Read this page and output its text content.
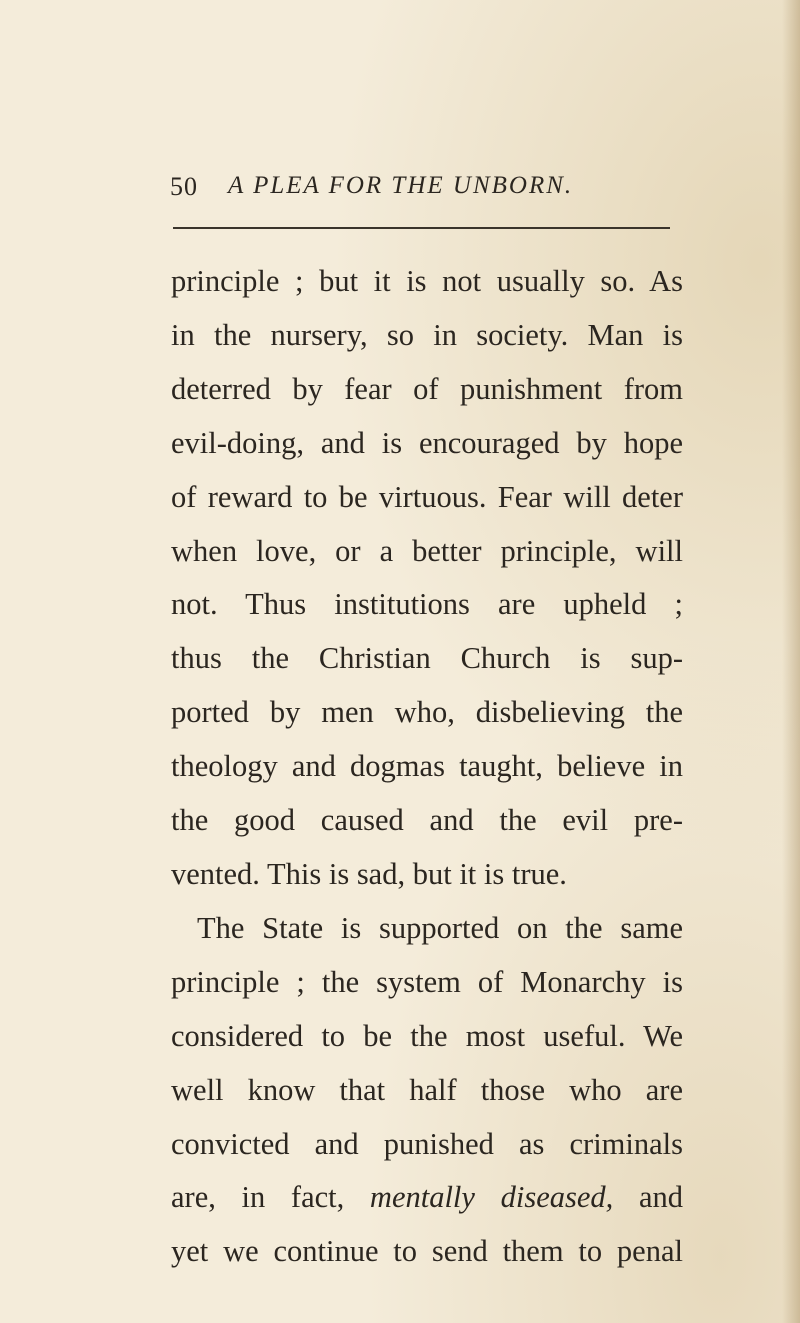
50 A PLEA FOR THE UNBORN.
principle ; but it is not usually so. As
in the nursery, so in society. Man is
deterred by fear of punishment from
evil-doing, and is encouraged by hope
of reward to be virtuous. Fear will deter
when love, or a better principle, will
not. Thus institutions are upheld ;
thus the Christian Church is sup-
ported by men who, disbelieving the
theology and dogmas taught, believe in
the good caused and the evil pre-
vented. This is sad, but it is true.
The State is supported on the same
principle ; the system of Monarchy is
considered to be the most useful. We
well know that half those who are
convicted and punished as criminals
are, in fact, mentally diseased, and
yet we continue to send them to penal
